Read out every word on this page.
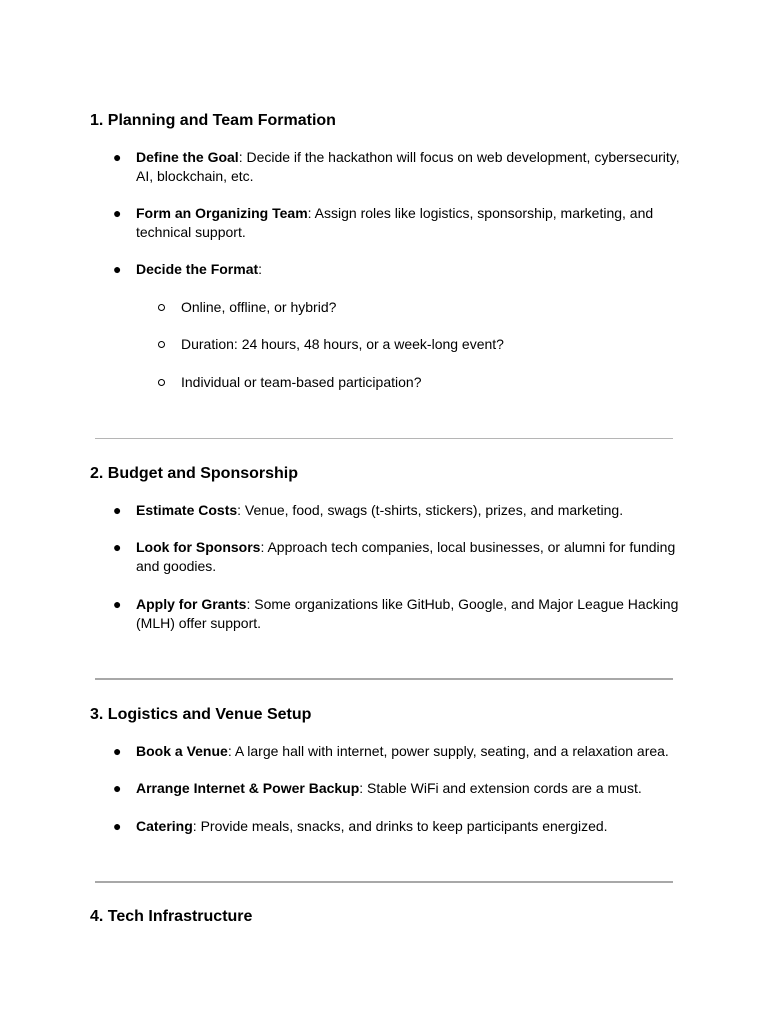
1. Planning and Team Formation
● Define the Goal: Decide if the hackathon will focus on web development, cybersecurity, AI, blockchain, etc.
● Form an Organizing Team: Assign roles like logistics, sponsorship, marketing, and technical support.
● Decide the Format:
Online, offline, or hybrid?
Duration: 24 hours, 48 hours, or a week-long event?
Individual or team-based participation?
2. Budget and Sponsorship
● Estimate Costs: Venue, food, swags (t-shirts, stickers), prizes, and marketing.
● Look for Sponsors: Approach tech companies, local businesses, or alumni for funding and goodies.
● Apply for Grants: Some organizations like GitHub, Google, and Major League Hacking (MLH) offer support.
3. Logistics and Venue Setup
● Book a Venue: A large hall with internet, power supply, seating, and a relaxation area.
● Arrange Internet & Power Backup: Stable WiFi and extension cords are a must.
● Catering: Provide meals, snacks, and drinks to keep participants energized.
4. Tech Infrastructure
